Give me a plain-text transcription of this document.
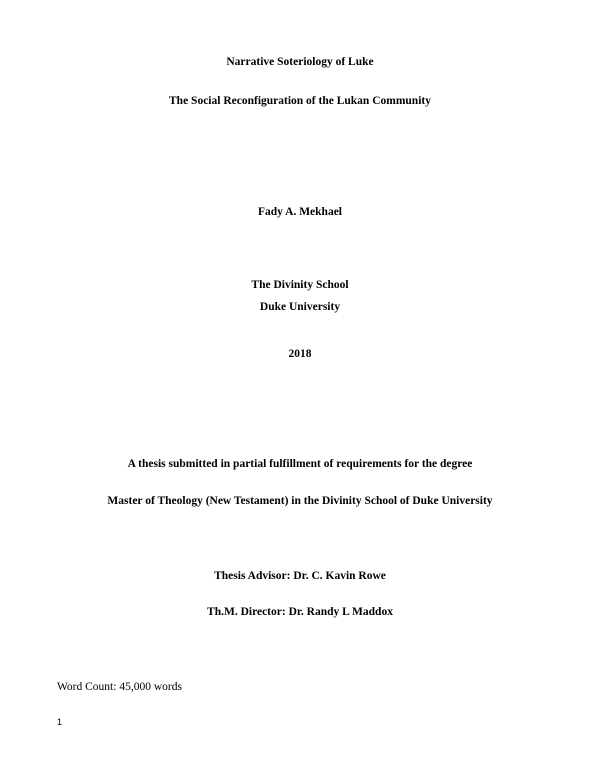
Narrative Soteriology of Luke
The Social Reconfiguration of the Lukan Community
Fady A. Mekhael
The Divinity School
Duke University
2018
A thesis submitted in partial fulfillment of requirements for the degree
Master of Theology (New Testament) in the Divinity School of Duke University
Thesis Advisor: Dr. C. Kavin Rowe
Th.M. Director: Dr. Randy L Maddox
Word Count: 45,000 words
1
